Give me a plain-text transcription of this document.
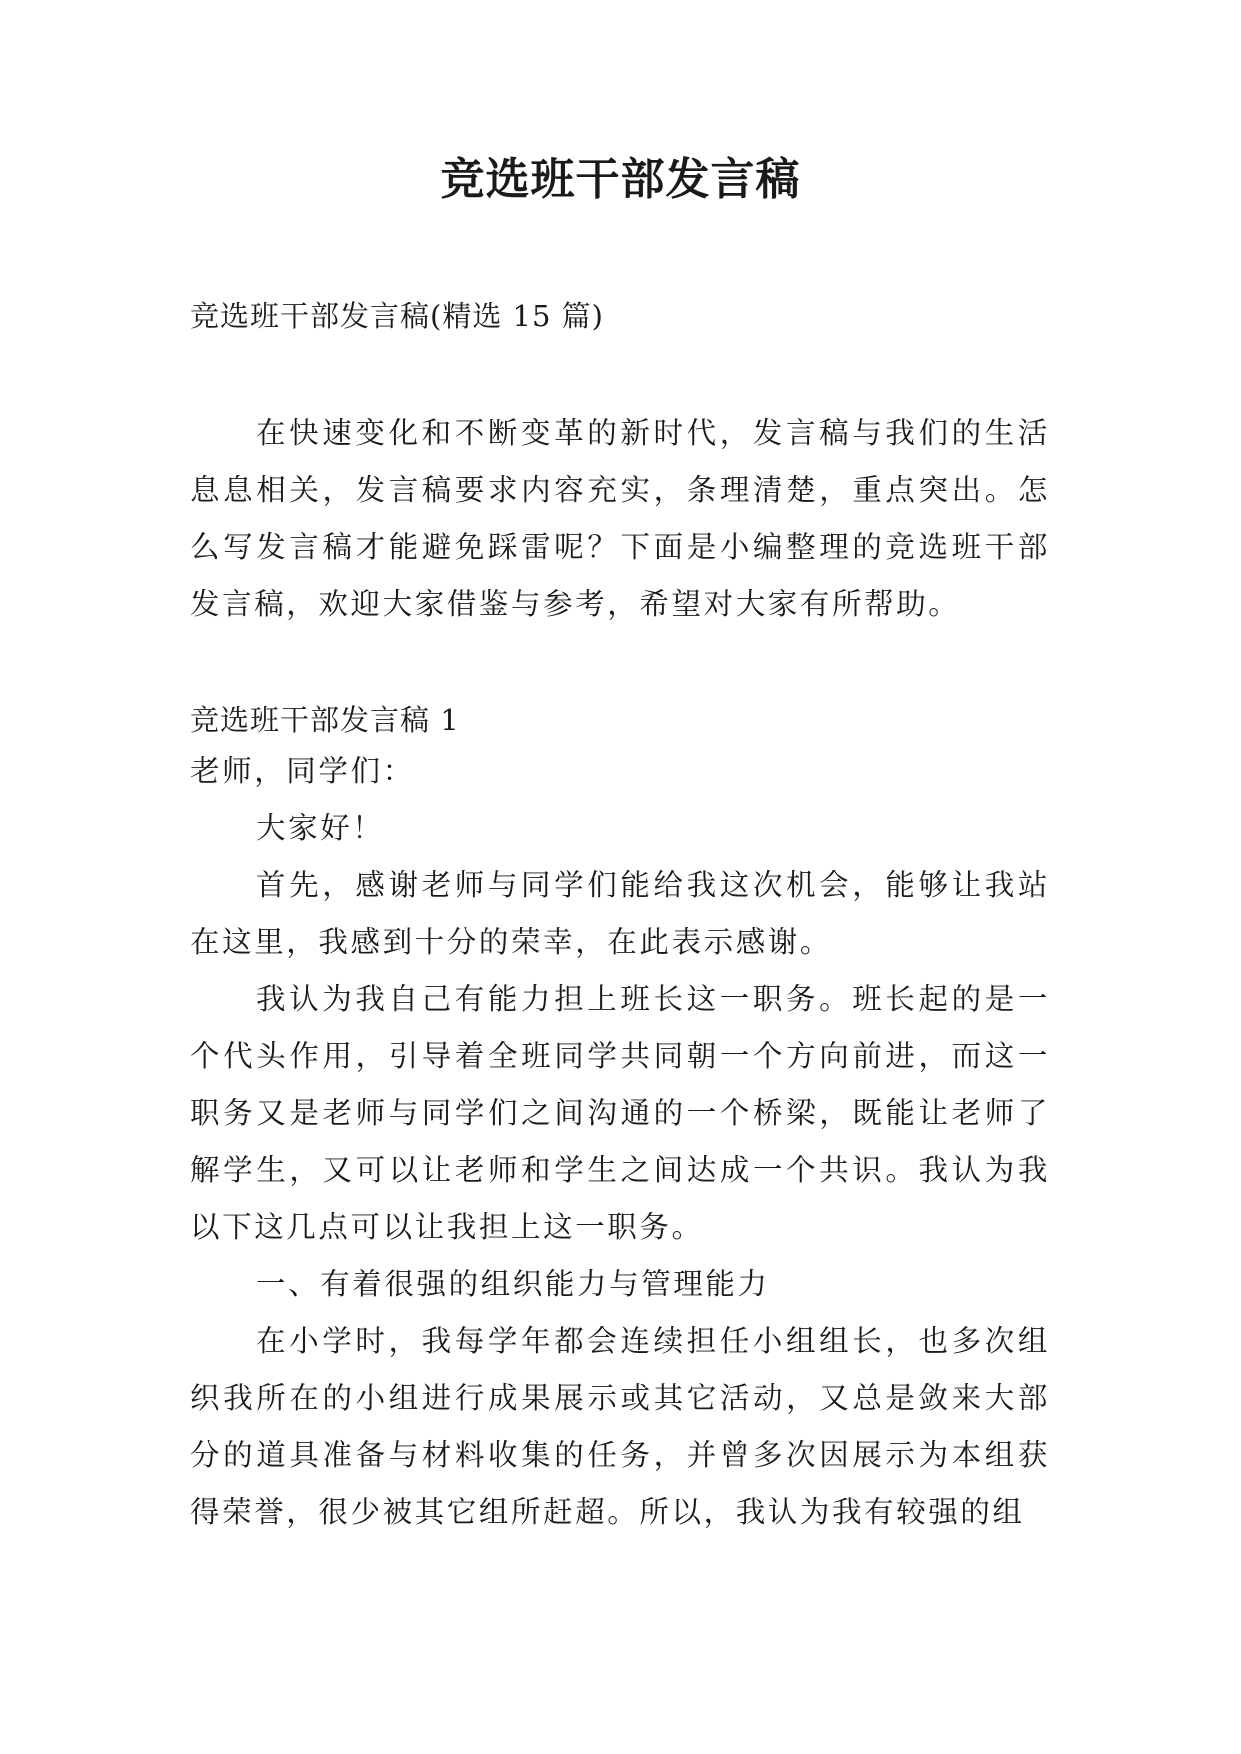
竞选班干部发言稿
竞选班干部发言稿(精选 15 篇)

在快速变化和不断变革的新时代，发言稿与我们的生活息息相关，发言稿要求内容充实，条理清楚，重点突出。怎么写发言稿才能避免踩雷呢？下面是小编整理的竞选班干部发言稿，欢迎大家借鉴与参考，希望对大家有所帮助。

竞选班干部发言稿 1

老师，同学们：

大家好！

首先，感谢老师与同学们能给我这次机会，能够让我站在这里，我感到十分的荣幸，在此表示感谢。

我认为我自己有能力担上班长这一职务。班长起的是一个代头作用，引导着全班同学共同朝一个方向前进，而这一职务又是老师与同学们之间沟通的一个桥梁，既能让老师了解学生，又可以让老师和学生之间达成一个共识。我认为我以下这几点可以让我担上这一职务。

一、有着很强的组织能力与管理能力

在小学时，我每学年都会连续担任小组组长，也多次组织我所在的小组进行成果展示或其它活动，又总是敛来大部分的道具准备与材料收集的任务，并曾多次因展示为本组获得荣誉，很少被其它组所赶超。所以，我认为我有较强的组
